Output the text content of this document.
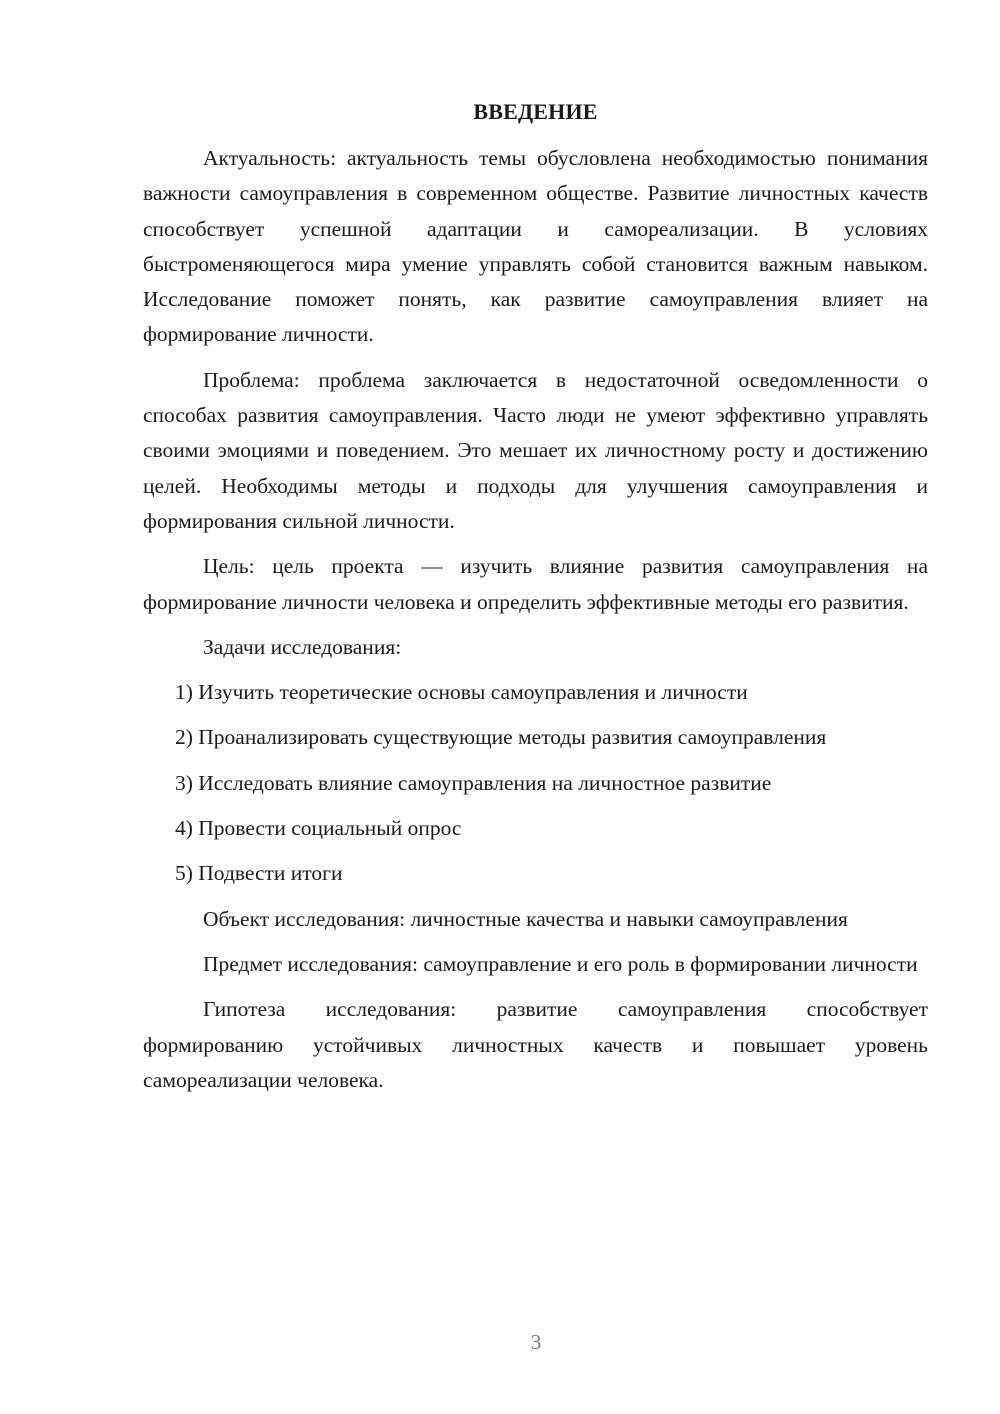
ВВЕДЕНИЕ

Актуальность: актуальность темы обусловлена необходимостью понимания важности самоуправления в современном обществе. Развитие личностных качеств способствует успешной адаптации и самореализации. В условиях быстроменяющегося мира умение управлять собой становится важным навыком. Исследование поможет понять, как развитие самоуправления влияет на формирование личности.

Проблема: проблема заключается в недостаточной осведомленности о способах развития самоуправления. Часто люди не умеют эффективно управлять своими эмоциями и поведением. Это мешает их личностному росту и достижению целей. Необходимы методы и подходы для улучшения самоуправления и формирования сильной личности.

Цель: цель проекта — изучить влияние развития самоуправления на формирование личности человека и определить эффективные методы его развития.

Задачи исследования:

1) Изучить теоретические основы самоуправления и личности

2) Проанализировать существующие методы развития самоуправления

3) Исследовать влияние самоуправления на личностное развитие

4) Провести социальный опрос

5) Подвести итоги

Объект исследования: личностные качества и навыки самоуправления

Предмет исследования: самоуправление и его роль в формировании личности

Гипотеза исследования: развитие самоуправления способствует формированию устойчивых личностных качеств и повышает уровень самореализации человека.

3
